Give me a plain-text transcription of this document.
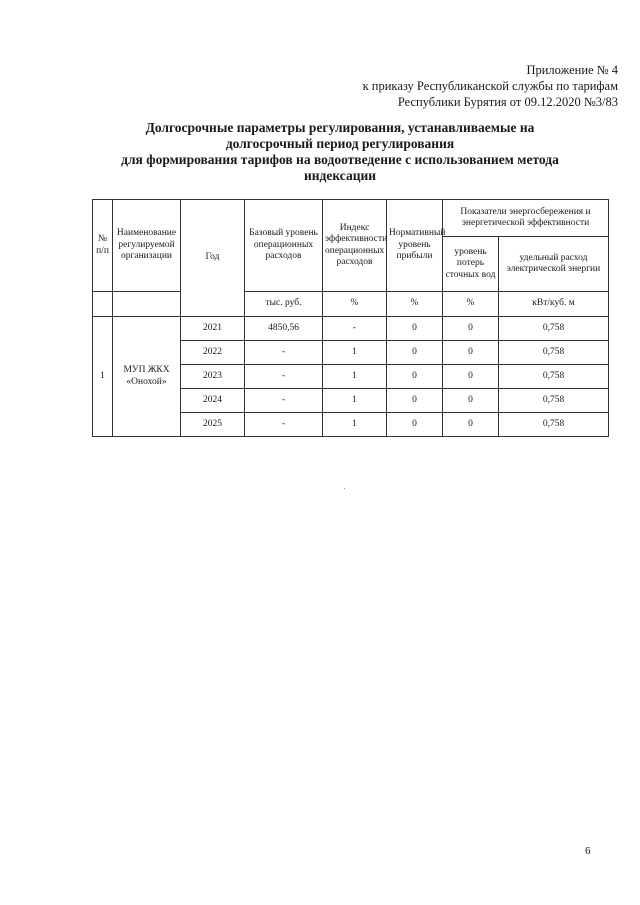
Приложение № 4
к приказу Республиканской службы по тарифам
Республики Бурятия от 09.12.2020 №3/83
Долгосрочные параметры регулирования, устанавливаемые на
долгосрочный период регулирования
для формирования тарифов на водоотведение с использованием метода
индексации
№ п/п	Наименование регулируемой организации	Год	Базовый уровень операционных расходов	Индекс эффективности операционных расходов	Нормативный уровень прибыли	Показатели энергосбережения и энергетической эффективности	
						уровень потерь сточных вод	удельный расход электрической энергии
			тыс. руб.	%	%	%	кВт/куб. м
1	МУП ЖКХ «Онохой»	2021	4850,56	-	0	0	0,758
		2022	-	1	0	0	0,758
		2023	-	1	0	0	0,758
		2024	-	1	0	0	0,758
		2025	-	1	0	0	0,758
6
